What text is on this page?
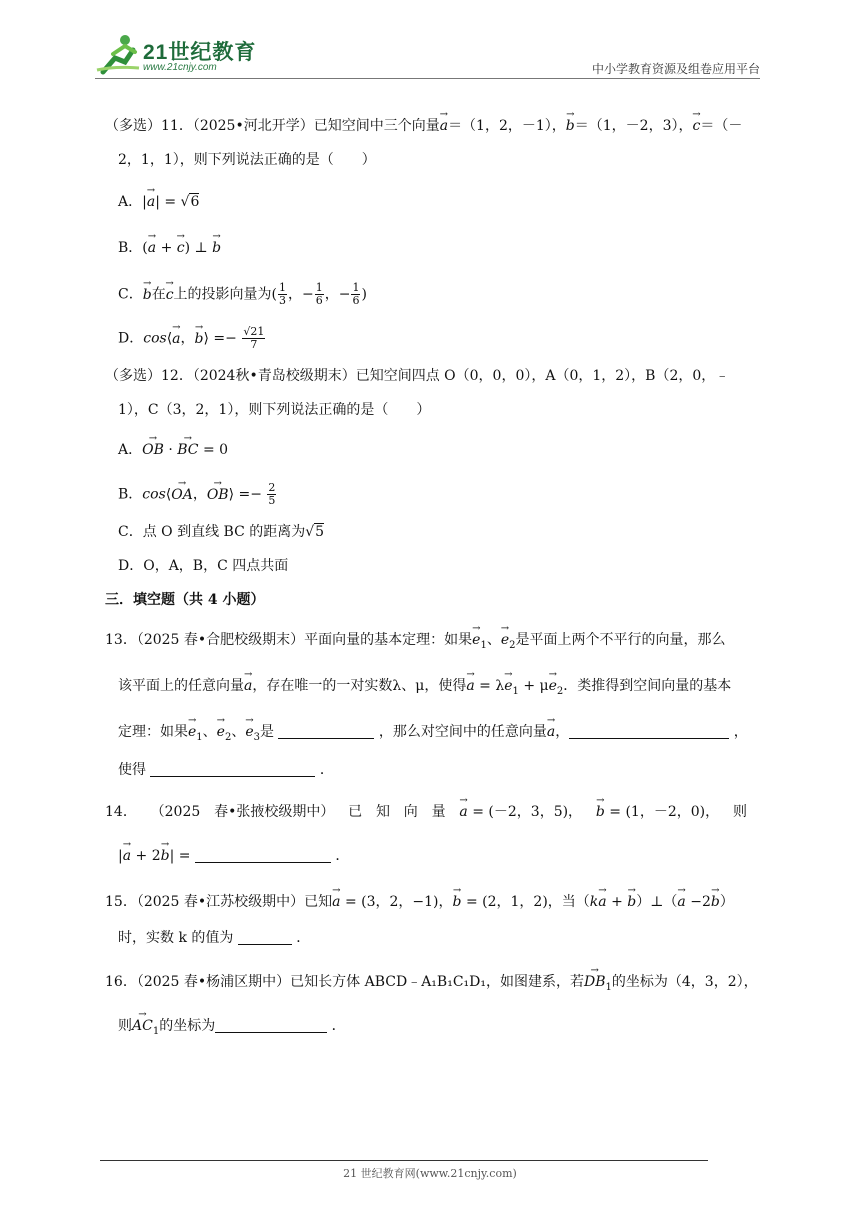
21世纪教育
www.21cnjy.com	中小学教育资源及组卷应用平台
（多选）11．（2025•河北开学）已知空间中三个向量→ a＝（1，2，－1），→ b＝（1，－2，3），→ c＝（－
2，1，1），则下列说法正确的是（　　）
A．|→ a| = √6
B．(→ a + → c) ⊥ → b
C．→ b在→ c上的投影向量为( $\frac{1}{3}$ ，− $\frac{1}{6}$ ，− $\frac{1}{6}$ )
D．cos⟨→ a，→ b⟩ =− $\frac{√21}{7}$
（多选）12．（2024秋•青岛校级期末）已知空间四点 O（0，0，0），A（0，1，2），B（2，0，﹣
1），C（3，2，1），则下列说法正确的是（　　）
A．→ OB · → BC = 0
B．cos⟨→ OA，→ OB⟩ =− $\frac{2}{5}$
C．点 O 到直线 BC 的距离为√5
D．O，A，B，C 四点共面
三．填空题（共 4 小题）
13．（2025 春•合肥校级期末）平面向量的基本定理：如果→ $e_1$、→ $e_2$是平面上两个不平行的向量，那么
该平面上的任意向量→ a，存在唯一的一对实数λ、μ，使得→ $a = \lambda\to e_1 + \mu\to e_2$．类推得到空间向量的基本
定理：如果→ $e_1$、→ $e_2$、→ $e_3$是	，那么对空间中的任意向量→ a，	，
使得	．
14． （2025 春•张掖校级期中） 已 知 向 量 → a = (－2，3，5)， → b = (1，－2，0)， 则
|→ a + 2→ b| =	．
15．（2025 春•江苏校级期中）已知→ a = (3，2，−1)，→ b = (2，1，2)，当（k→ a + → b）⊥（→ a −2→ b）
时，实数 k 的值为	．
16．（2025 春•杨浦区期中）已知长方体 ABCD﹣A₁B₁C₁D₁，如图建系，若→ $DB_1$的坐标为（4，3，2），
则→ $AC_1$的坐标为	．
21 世纪教育网(www.21cnjy.com)
